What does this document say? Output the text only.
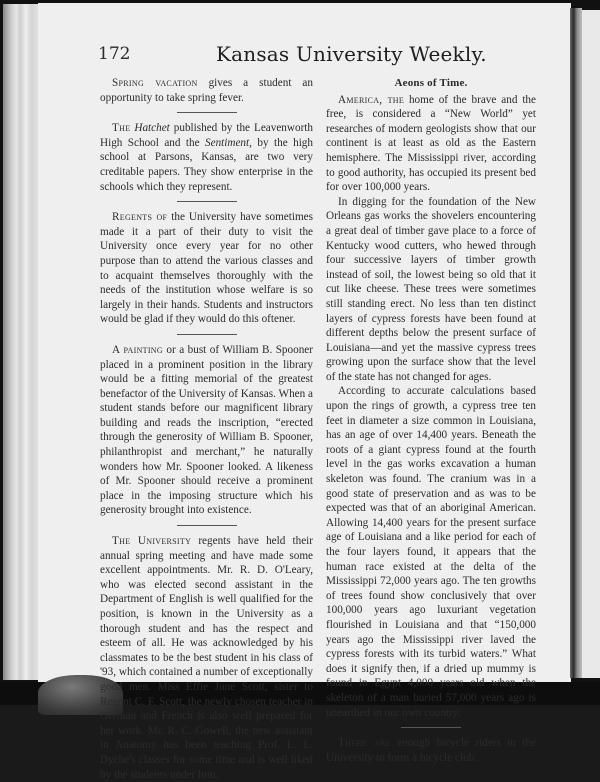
172	Kansas University Weekly.

Spring vacation gives a student an opportunity to take spring fever.

The Hatchet published by the Leavenworth High School and the Sentiment, by the high school at Parsons, Kansas, are two very creditable papers. They show enterprise in the schools which they represent.

Regents of the University have sometimes made it a part of their duty to visit the University once every year for no other purpose than to attend the various classes and to acquaint themselves thoroughly with the needs of the institution whose welfare is so largely in their hands. Students and instructors would be glad if they would do this oftener.

A painting or a bust of William B. Spooner placed in a prominent position in the library would be a fitting memorial of the greatest benefactor of the University of Kansas. When a student stands before our magnificent library building and reads the inscription, “erected through the generosity of William B. Spooner, philanthropist and merchant,” he naturally wonders how Mr. Spooner looked. A likeness of Mr. Spooner should receive a prominent place in the imposing structure which his generosity brought into existence.

The University regents have held their annual spring meeting and have made some excellent appointments. Mr. R. D. O'Leary, who was elected second assistant in the Department of English is well qualified for the position, is known in the University as a thorough student and has the respect and esteem of all. He was acknowledged by his classmates to be the best student in his class of '93, which contained a number of exceptionally good men. Miss Effie June Scott, sister to Regent C. F. Scott, the newly chosen teacher in German and French is also well prepared for her work. Mr. R. C. Gowell, the new assistant in Anatomy has been teaching Prof. L. L. Dyche's classes for some time and is well liked by the students under him.

Aeons of Time.

America, the home of the brave and the free, is considered a “New World” yet researches of modern geologists show that our continent is at least as old as the Eastern hemisphere. The Mississippi river, according to good authority, has occupied its present bed for over 100,000 years.

In digging for the foundation of the New Orleans gas works the shovelers encountering a great deal of timber gave place to a force of Kentucky wood cutters, who hewed through four successive layers of timber growth instead of soil, the lowest being so old that it cut like cheese. These trees were sometimes still standing erect. No less than ten distinct layers of cypress forests have been found at different depths below the present surface of Louisiana—and yet the massive cypress trees growing upon the surface show that the level of the state has not changed for ages.

According to accurate calculations based upon the rings of growth, a cypress tree ten feet in diameter a size common in Louisiana, has an age of over 14,400 years. Beneath the roots of a giant cypress found at the fourth level in the gas works excavation a human skeleton was found. The cranium was in a good state of preservation and as was to be expected was that of an aboriginal American. Allowing 14,400 years for the present surface age of Louisiana and a like period for each of the four layers found, it appears that the human race existed at the delta of the Mississippi 72,000 years ago. The ten growths of trees found show conclusively that over 100,000 years ago luxuriant vegetation flourished in Louisiana and that “150,000 years ago the Mississippi river laved the cypress forests with its turbid waters.” What does it signify then, if a dried up mummy is found in Egypt 4,000 years old when the skeleton of a man buried 57,000 years ago is unearthed in our own country.

There are enough bicycle riders in the University to form a bicycle club.
